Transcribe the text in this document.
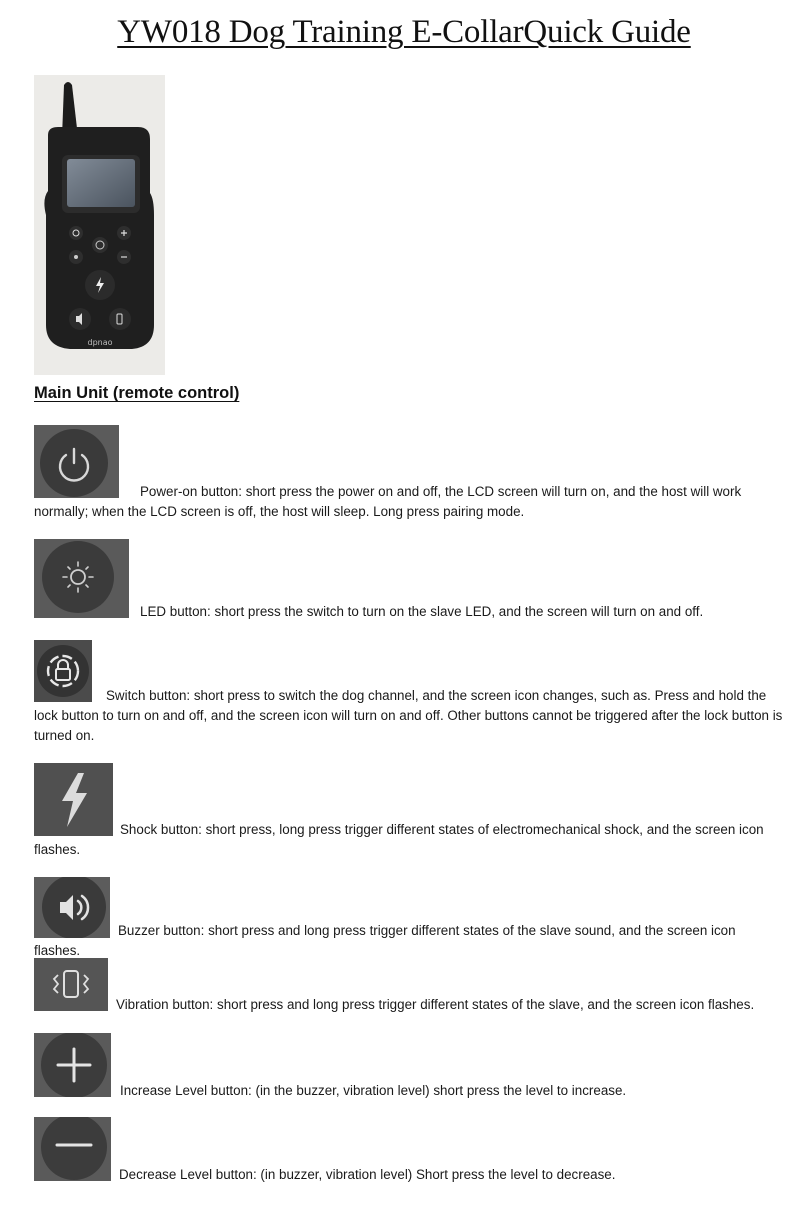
YW018 Dog Training E-CollarQuick Guide
dpnao
Main Unit (remote control)
Power-on button: short press the power on and off, the LCD screen will turn on, and the host will work normally; when the LCD screen is off, the host will sleep. Long press pairing mode.
LED button: short press the switch to turn on the slave LED, and the screen will turn on and off.
Switch button: short press to switch the dog channel, and the screen icon changes, such as. Press and hold the lock button to turn on and off, and the screen icon will turn on and off. Other buttons cannot be triggered after the lock button is turned on.
Shock button: short press, long press trigger different states of electromechanical shock, and the screen icon flashes.
Buzzer button: short press and long press trigger different states of the slave sound, and the screen icon flashes.
Vibration button: short press and long press trigger different states of the slave, and the screen icon flashes.
Increase Level button: (in the buzzer, vibration level) short press the level to increase.
Decrease Level button: (in buzzer, vibration level) Short press the level to decrease.
